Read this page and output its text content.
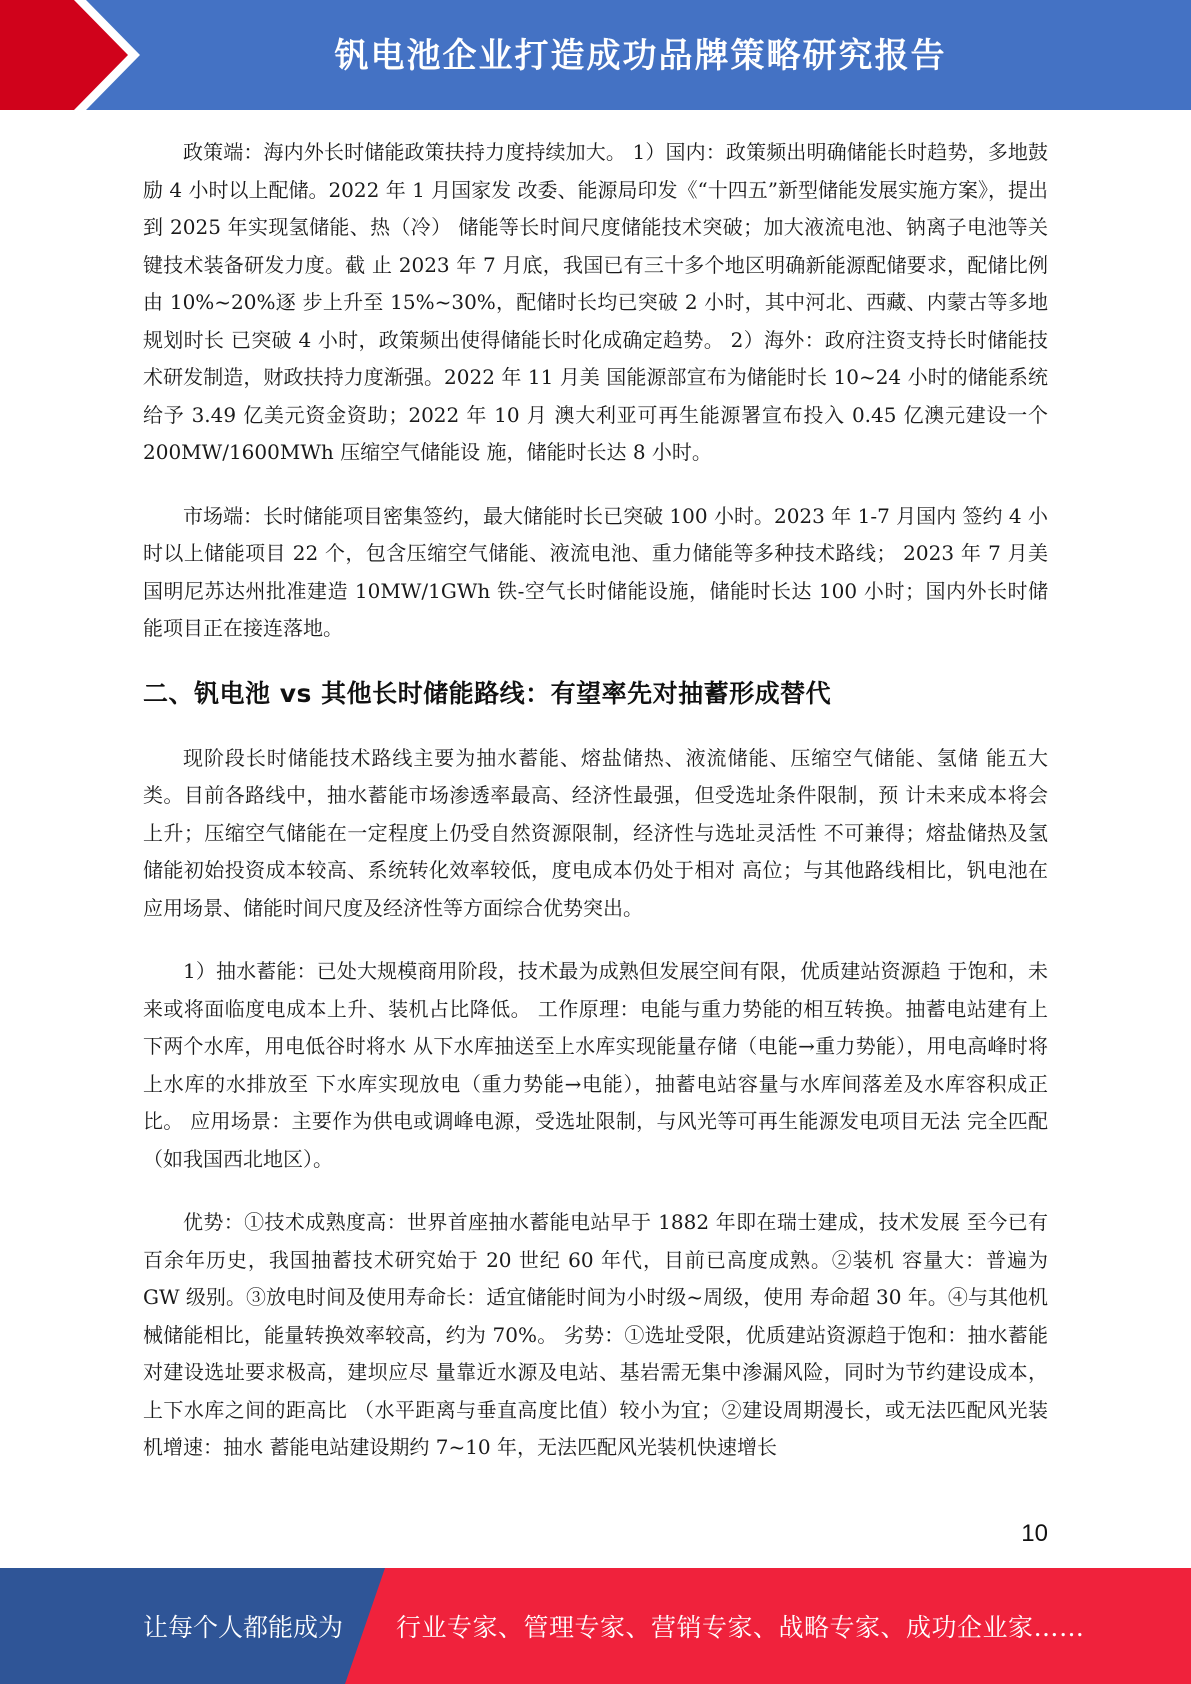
钒电池企业打造成功品牌策略研究报告

政策端：海内外长时储能政策扶持力度持续加大。 1）国内：政策频出明确储能长时趋势，多地鼓励 4 小时以上配储。2022 年 1 月国家发 改委、能源局印发《“十四五”新型储能发展实施方案》，提出到 2025 年实现氢储能、热（冷） 储能等长时间尺度储能技术突破；加大液流电池、钠离子电池等关键技术装备研发力度。截 止 2023 年 7 月底，我国已有三十多个地区明确新能源配储要求，配储比例由 10%~20%逐 步上升至 15%~30%，配储时长均已突破 2 小时，其中河北、西藏、内蒙古等多地规划时长 已突破 4 小时，政策频出使得储能长时化成确定趋势。 2）海外：政府注资支持长时储能技术研发制造，财政扶持力度渐强。2022 年 11 月美 国能源部宣布为储能时长 10~24 小时的储能系统给予 3.49 亿美元资金资助；2022 年 10 月 澳大利亚可再生能源署宣布投入 0.45 亿澳元建设一个 200MW/1600MWh 压缩空气储能设 施，储能时长达 8 小时。

市场端：长时储能项目密集签约，最大储能时长已突破 100 小时。2023 年 1-7 月国内 签约 4 小时以上储能项目 22 个，包含压缩空气储能、液流电池、重力储能等多种技术路线； 2023 年 7 月美国明尼苏达州批准建造 10MW/1GWh 铁-空气长时储能设施，储能时长达 100 小时；国内外长时储能项目正在接连落地。

二、钒电池 vs 其他长时储能路线：有望率先对抽蓄形成替代

现阶段长时储能技术路线主要为抽水蓄能、熔盐储热、液流储能、压缩空气储能、氢储 能五大类。目前各路线中，抽水蓄能市场渗透率最高、经济性最强，但受选址条件限制，预 计未来成本将会上升；压缩空气储能在一定程度上仍受自然资源限制，经济性与选址灵活性 不可兼得；熔盐储热及氢储能初始投资成本较高、系统转化效率较低，度电成本仍处于相对 高位；与其他路线相比，钒电池在应用场景、储能时间尺度及经济性等方面综合优势突出。

1）抽水蓄能：已处大规模商用阶段，技术最为成熟但发展空间有限，优质建站资源趋 于饱和，未来或将面临度电成本上升、装机占比降低。 工作原理：电能与重力势能的相互转换。抽蓄电站建有上下两个水库，用电低谷时将水 从下水库抽送至上水库实现能量存储（电能→重力势能），用电高峰时将上水库的水排放至 下水库实现放电（重力势能→电能），抽蓄电站容量与水库间落差及水库容积成正比。 应用场景：主要作为供电或调峰电源，受选址限制，与风光等可再生能源发电项目无法 完全匹配（如我国西北地区）。

优势：①技术成熟度高：世界首座抽水蓄能电站早于 1882 年即在瑞士建成，技术发展 至今已有百余年历史，我国抽蓄技术研究始于 20 世纪 60 年代，目前已高度成熟。②装机 容量大：普遍为 GW 级别。③放电时间及使用寿命长：适宜储能时间为小时级~周级，使用 寿命超 30 年。④与其他机械储能相比，能量转换效率较高，约为 70%。 劣势：①选址受限，优质建站资源趋于饱和：抽水蓄能对建设选址要求极高，建坝应尽 量靠近水源及电站、基岩需无集中渗漏风险，同时为节约建设成本，上下水库之间的距高比 （水平距离与垂直高度比值）较小为宜；②建设周期漫长，或无法匹配风光装机增速：抽水 蓄能电站建设期约 7~10 年，无法匹配风光装机快速增长

10
让每个人都能成为 行业专家、管理专家、营销专家、战略专家、成功企业家……
